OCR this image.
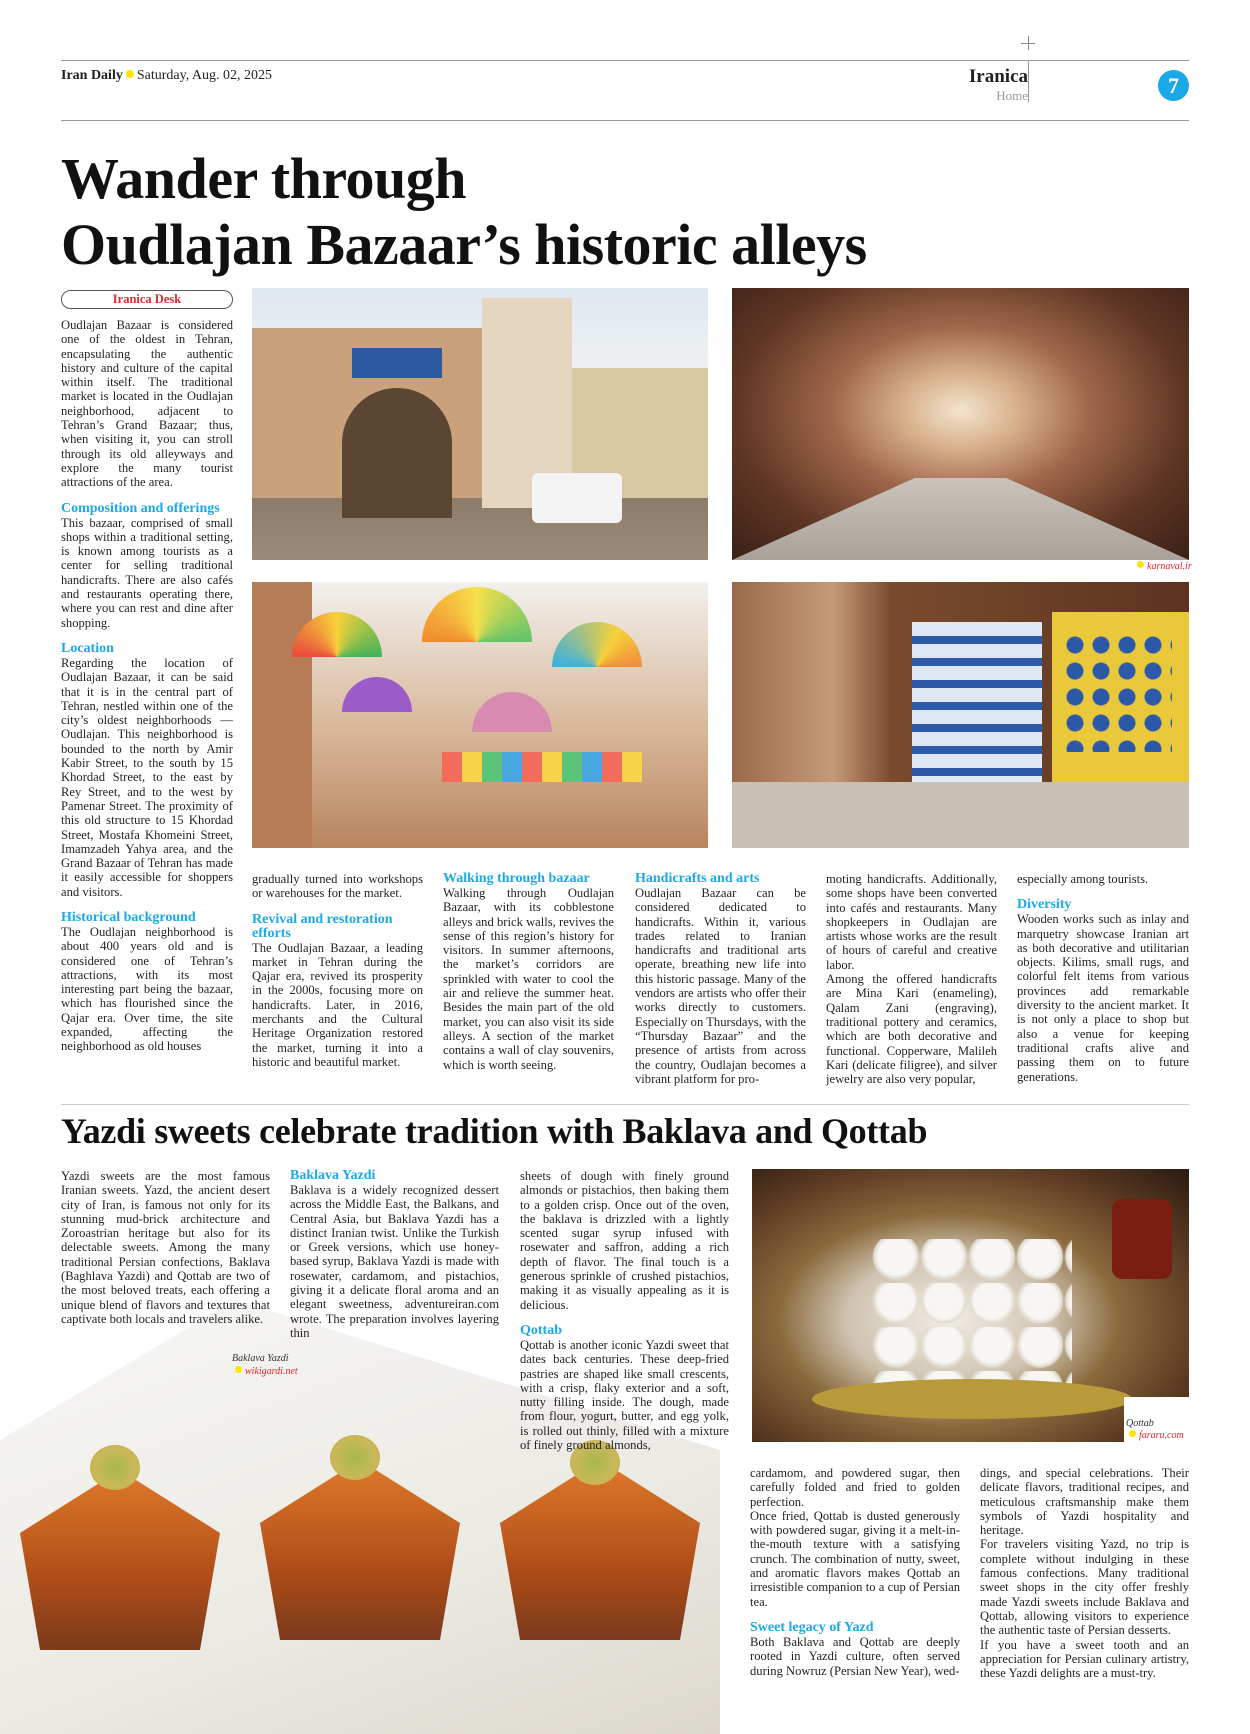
Iran Daily Saturday, Aug. 02, 2025	Iranica
Home	7
Wander through
Oudlajan Bazaar’s historic alleys
Iranica Desk
karnaval.ir

Oudlajan Bazaar is considered one of the oldest in Tehran, encapsulating the authentic history and culture of the capital within itself. The traditional market is located in the Oudlajan neighborhood, adjacent to Tehran’s Grand Bazaar; thus, when visiting it, you can stroll through its old alleyways and explore the many tourist attractions of the area.

Composition and offerings

This bazaar, comprised of small shops within a traditional setting, is known among tourists as a center for selling traditional handicrafts. There are also cafés and restaurants operating there, where you can rest and dine after shopping.

Location

Regarding the location of Oudlajan Bazaar, it can be said that it is in the central part of Tehran, nestled within one of the city’s oldest neighborhoods — Oudlajan. This neighborhood is bounded to the north by Amir Kabir Street, to the south by 15 Khordad Street, to the east by Rey Street, and to the west by Pamenar Street. The proximity of this old structure to 15 Khordad Street, Mostafa Khomeini Street, Imamzadeh Yahya area, and the Grand Bazaar of Tehran has made it easily accessible for shoppers and visitors.

Historical background

The Oudlajan neighborhood is about 400 years old and is considered one of Tehran’s attractions, with its most interesting part being the bazaar, which has flourished since the Qajar era. Over time, the site expanded, affecting the neighborhood as old houses

gradually turned into workshops or warehouses for the market.

Revival and restoration efforts

The Oudlajan Bazaar, a leading market in Tehran during the Qajar era, revived its prosperity in the 2000s, focusing more on handicrafts. Later, in 2016, merchants and the Cultural Heritage Organization restored the market, turning it into a historic and beautiful market.

Walking through bazaar

Walking through Oudlajan Bazaar, with its cobblestone alleys and brick walls, revives the sense of this region’s history for visitors. In summer afternoons, the market’s corridors are sprinkled with water to cool the air and relieve the summer heat. Besides the main part of the old market, you can also visit its side alleys. A section of the market contains a wall of clay souvenirs, which is worth seeing.

Handicrafts and arts

Oudlajan Bazaar can be considered dedicated to handicrafts. Within it, various trades related to Iranian handicrafts and traditional arts operate, breathing new life into this historic passage. Many of the vendors are artists who offer their works directly to customers. Especially on Thursdays, with the “Thursday Bazaar” and the presence of artists from across the country, Oudlajan becomes a vibrant platform for pro-

moting handicrafts. Additionally, some shops have been converted into cafés and restaurants. Many shopkeepers in Oudlajan are artists whose works are the result of hours of careful and creative labor.

Among the offered handicrafts are Mina Kari (enameling), Qalam Zani (engraving), traditional pottery and ceramics, which are both decorative and functional. Copperware, Malileh Kari (delicate filigree), and silver jewelry are also very popular,

especially among tourists.

Diversity

Wooden works such as inlay and marquetry showcase Iranian art as both decorative and utilitarian objects. Kilims, small rugs, and colorful felt items from various provinces add remarkable diversity to the ancient market. It is not only a place to shop but also a venue for keeping traditional crafts alive and passing them on to future generations.

Yazdi sweets celebrate tradition with Baklava and Qottab
Baklava Yazdi
wikigardi.net
Qottab
fararu.com

Yazdi sweets are the most famous Iranian sweets. Yazd, the ancient desert city of Iran, is famous not only for its stunning mud-brick architecture and Zoroastrian heritage but also for its delectable sweets. Among the many traditional Persian confections, Baklava (Baghlava Yazdi) and Qottab are two of the most beloved treats, each offering a unique blend of flavors and textures that captivate both locals and travelers alike.

Baklava Yazdi

Baklava is a widely recognized dessert across the Middle East, the Balkans, and Central Asia, but Baklava Yazdi has a distinct Iranian twist. Unlike the Turkish or Greek versions, which use honey-based syrup, Baklava Yazdi is made with rosewater, cardamom, and pistachios, giving it a delicate floral aroma and an elegant sweetness, adventureiran.com wrote. The preparation involves layering thin

sheets of dough with finely ground almonds or pistachios, then baking them to a golden crisp. Once out of the oven, the baklava is drizzled with a lightly scented sugar syrup infused with rosewater and saffron, adding a rich depth of flavor. The final touch is a generous sprinkle of crushed pistachios, making it as visually appealing as it is delicious.

Qottab

Qottab is another iconic Yazdi sweet that dates back centuries. These deep-fried pastries are shaped like small crescents, with a crisp, flaky exterior and a soft, nutty filling inside. The dough, made from flour, yogurt, butter, and egg yolk, is rolled out thinly, filled with a mixture of finely ground almonds,

cardamom, and powdered sugar, then carefully folded and fried to golden perfection.

Once fried, Qottab is dusted generously with powdered sugar, giving it a melt-in-the-mouth texture with a satisfying crunch. The combination of nutty, sweet, and aromatic flavors makes Qottab an irresistible companion to a cup of Persian tea.

Sweet legacy of Yazd

Both Baklava and Qottab are deeply rooted in Yazdi culture, often served during Nowruz (Persian New Year), wed-

dings, and special celebrations. Their delicate flavors, traditional recipes, and meticulous craftsmanship make them symbols of Yazdi hospitality and heritage.

For travelers visiting Yazd, no trip is complete without indulging in these famous confections. Many traditional sweet shops in the city offer freshly made Yazdi sweets include Baklava and Qottab, allowing visitors to experience the authentic taste of Persian desserts.

If you have a sweet tooth and an appreciation for Persian culinary artistry, these Yazdi delights are a must-try.
